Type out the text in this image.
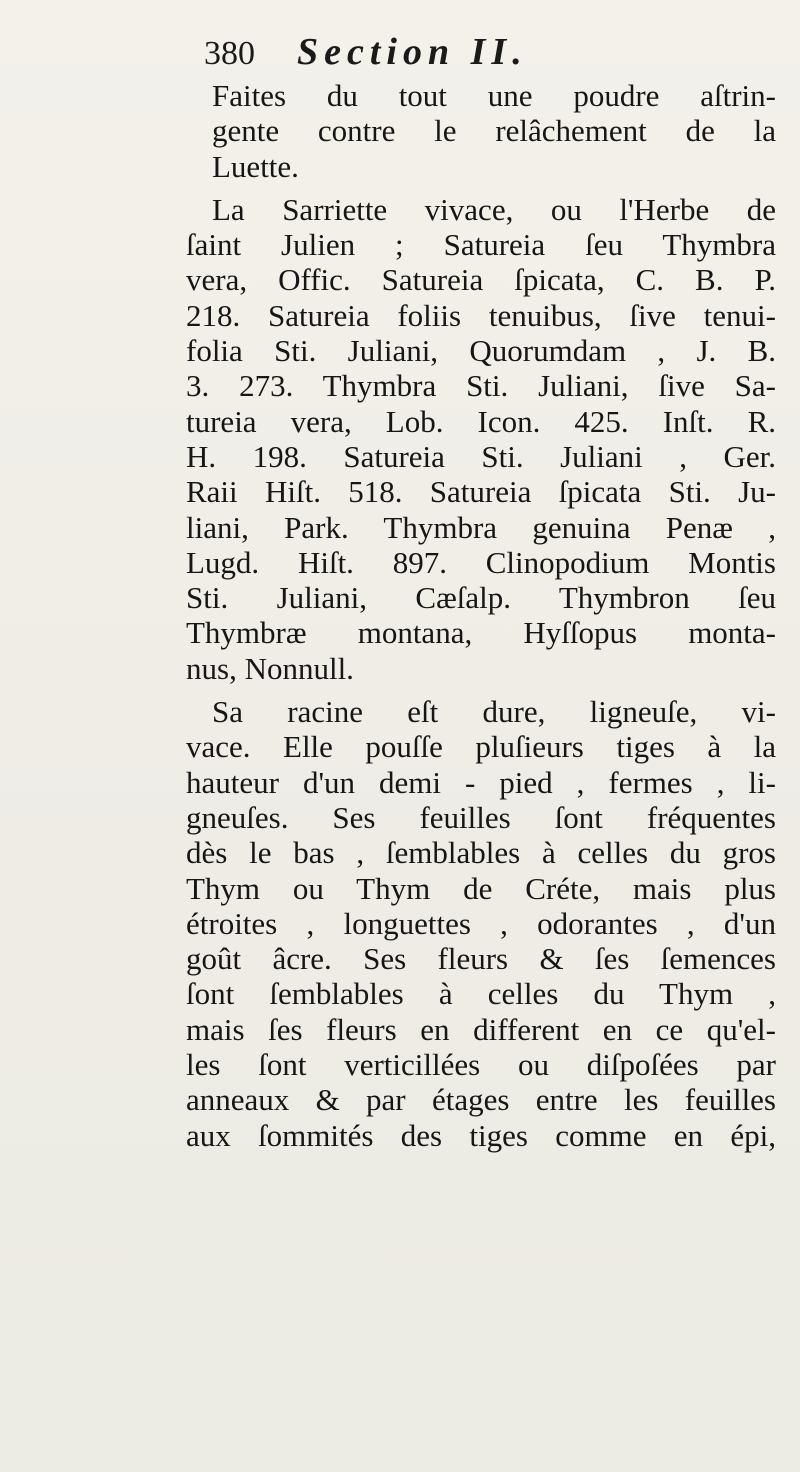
380 Section II.
Faites du tout une poudre aſtrin-
gente contre le relâchement de la
Luette.
La Sarriette vivace, ou l'Herbe de
ſaint Julien ; Satureia ſeu Thymbra
vera, Offic. Satureia ſpicata, C. B. P.
218. Satureia foliis tenuibus, ſive tenui-
folia Sti. Juliani, Quorumdam , J. B.
3. 273. Thymbra Sti. Juliani, ſive Sa-
tureia vera, Lob. Icon. 425. Inſt. R.
H. 198. Satureia Sti. Juliani , Ger.
Raii Hiſt. 518. Satureia ſpicata Sti. Ju-
liani, Park. Thymbra genuina Penæ ,
Lugd. Hiſt. 897. Clinopodium Montis
Sti. Juliani, Cæſalp. Thymbron ſeu
Thymbræ montana, Hyſſopus monta-
nus, Nonnull.
Sa racine eſt dure, ligneuſe, vi-
vace. Elle pouſſe pluſieurs tiges à la
hauteur d'un demi - pied , fermes , li-
gneuſes. Ses feuilles ſont fréquentes
dès le bas , ſemblables à celles du gros
Thym ou Thym de Créte, mais plus
étroites , longuettes , odorantes , d'un
goût âcre. Ses fleurs & ſes ſemences
ſont ſemblables à celles du Thym ,
mais ſes fleurs en different en ce qu'el-
les ſont verticillées ou diſpoſées par
anneaux & par étages entre les feuilles
aux ſommités des tiges comme en épi,
